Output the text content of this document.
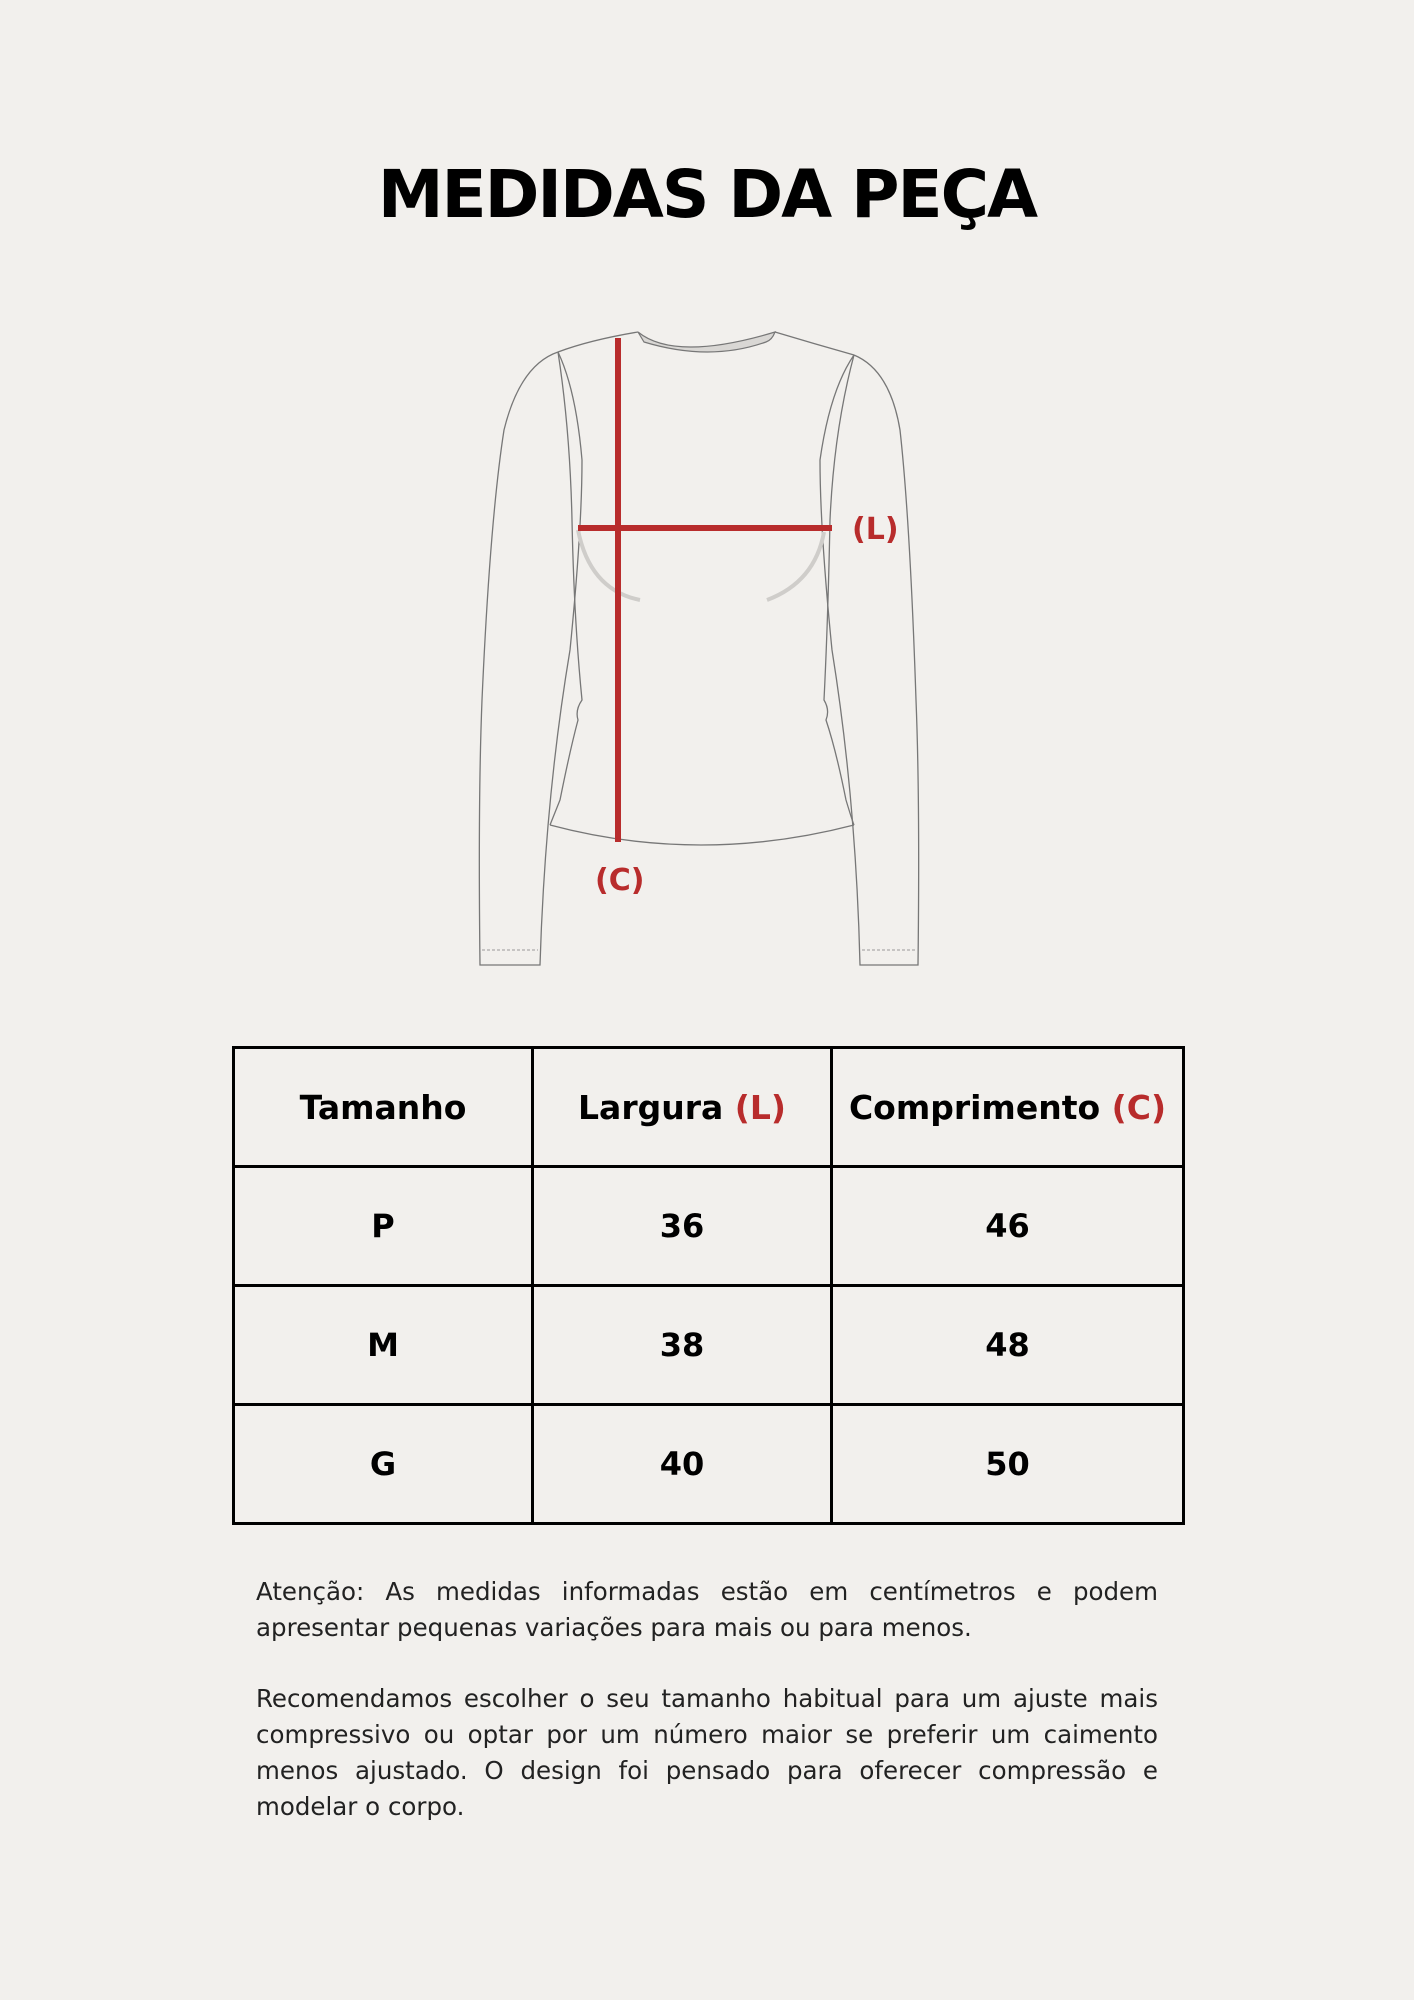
MEDIDAS DA PEÇA
(L)
(C)
Tamanho	Largura (L)	Comprimento (C)
P	36	46
M	38	48
G	40	50

Atenção: As medidas informadas estão em centímetros e podem apresentar pequenas variações para mais ou para menos.

Recomendamos escolher o seu tamanho habitual para um ajuste mais compressivo ou optar por um número maior se preferir um caimento menos ajustado. O design foi pensado para oferecer compressão e modelar o corpo.
